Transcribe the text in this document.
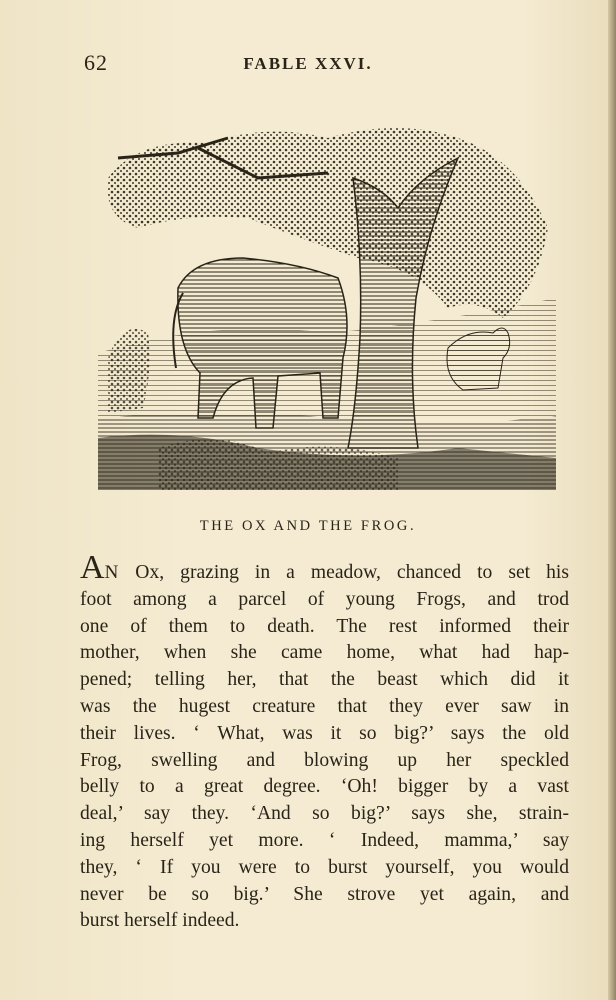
62	FABLE XXVI.
THE OX AND THE FROG.
AN Ox, grazing in a meadow, chanced to set his
foot among a parcel of young Frogs, and trod
one of them to death. The rest informed their
mother, when she came home, what had hap-
pened; telling her, that the beast which did it
was the hugest creature that they ever saw in
their lives. ‘ What, was it so big?’ says the old
Frog, swelling and blowing up her speckled
belly to a great degree. ‘Oh! bigger by a vast
deal,’ say they. ‘And so big?’ says she, strain-
ing herself yet more. ‘ Indeed, mamma,’ say
they, ‘ If you were to burst yourself, you would
never be so big.’ She strove yet again, and
burst herself indeed.
